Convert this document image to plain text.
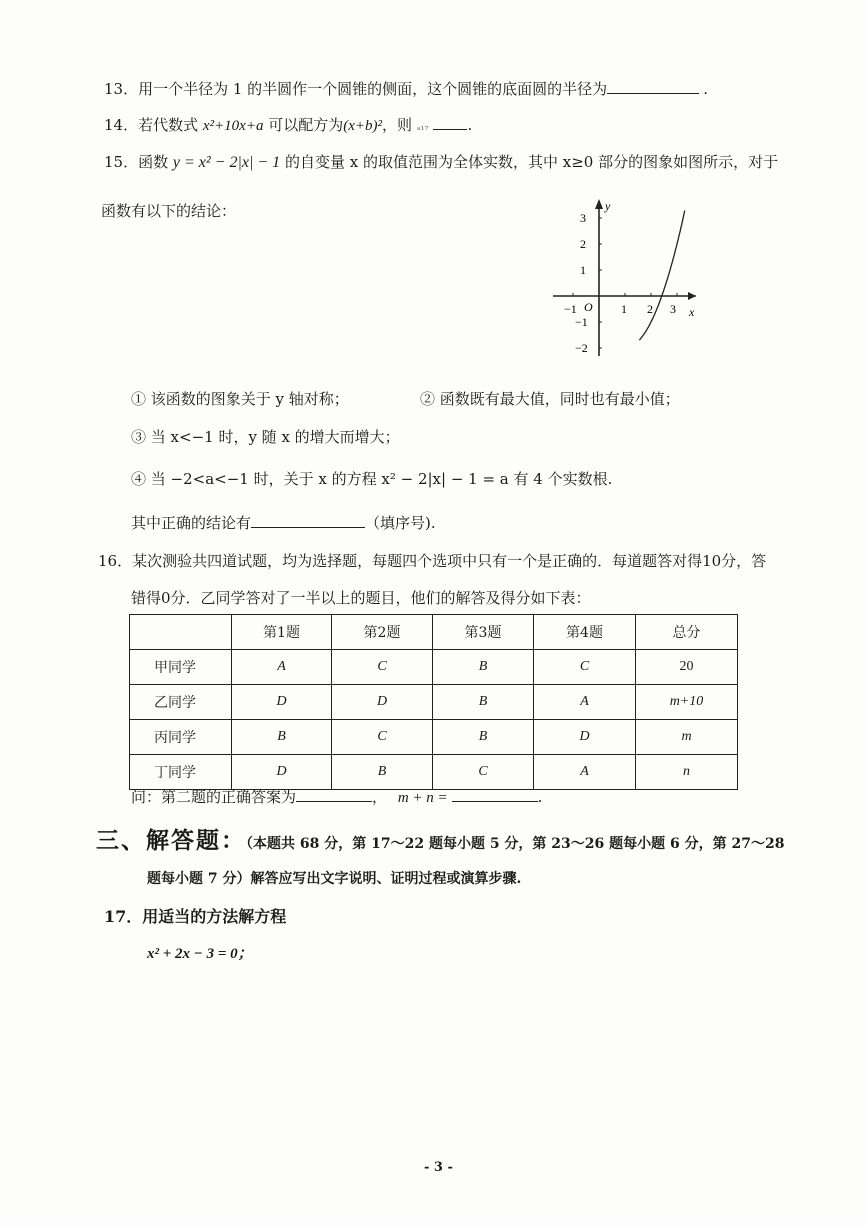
13．用一个半径为 1 的半圆作一个圆锥的侧面，这个圆锥的底面圆的半径为	.
14．若代数式 x²+10x+a 可以配方为(x+b)²，则 ₐ₁₇	.
15．函数 y = x² − 2|x| − 1 的自变量 x 的取值范围为全体实数，其中 x≥0 部分的图象如图所示，对于
函数有以下的结论：	y
x
O
−1	1 2 3
3
2
1
−1
−2
① 该函数的图象关于 y 轴对称；	② 函数既有最大值，同时也有最小值；
③ 当 x<−1 时，y 随 x 的增大而增大；
④ 当 −2<a<−1 时，关于 x 的方程 x² − 2|x| − 1 = a 有 4 个实数根.
其中正确的结论有	（填序号).
16．某次测验共四道试题，均为选择题，每题四个选项中只有一个是正确的．每道题答对得10分，答
错得0分．乙同学答对了一半以上的题目，他们的解答及得分如下表：
	第1题	第2题	第3题	第4题	总分
甲同学	A	C	B	C	20
乙同学	D	D	B	A	m+10
丙同学	B	C	B	D	m
丁同学	D	B	C	A	n
问：第二题的正确答案为	， m + n =	.
三、解答题：（本题共 68 分，第 17～22 题每小题 5 分，第 23～26 题每小题 6 分，第 27～28
题每小题 7 分）解答应写出文字说明、证明过程或演算步骤.
17．用适当的方法解方程
x² + 2x − 3 = 0；
- 3 -
